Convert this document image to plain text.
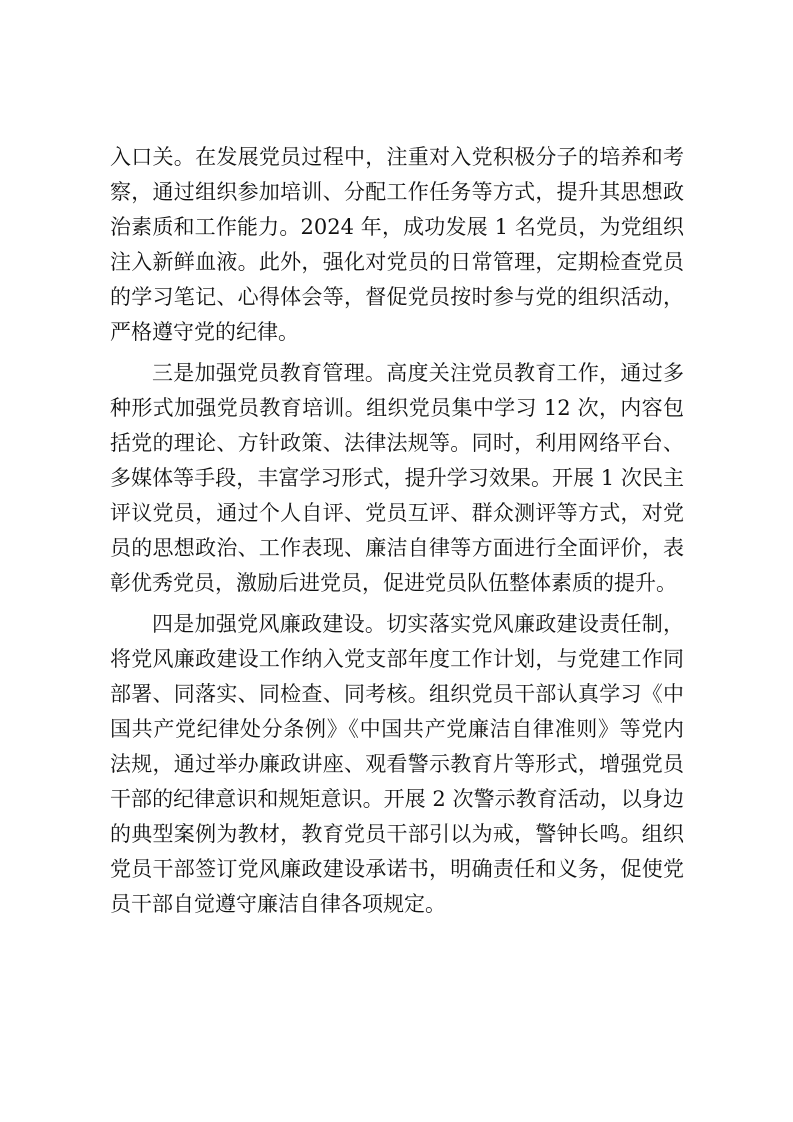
入口关。在发展党员过程中，注重对入党积极分子的培养和考察，通过组织参加培训、分配工作任务等方式，提升其思想政治素质和工作能力。2024 年，成功发展 1 名党员，为党组织注入新鲜血液。此外，强化对党员的日常管理，定期检查党员的学习笔记、心得体会等，督促党员按时参与党的组织活动，严格遵守党的纪律。

三是加强党员教育管理。高度关注党员教育工作，通过多种形式加强党员教育培训。组织党员集中学习 12 次，内容包括党的理论、方针政策、法律法规等。同时，利用网络平台、多媒体等手段，丰富学习形式，提升学习效果。开展 1 次民主评议党员，通过个人自评、党员互评、群众测评等方式，对党员的思想政治、工作表现、廉洁自律等方面进行全面评价，表彰优秀党员，激励后进党员，促进党员队伍整体素质的提升。

四是加强党风廉政建设。切实落实党风廉政建设责任制，将党风廉政建设工作纳入党支部年度工作计划，与党建工作同部署、同落实、同检查、同考核。组织党员干部认真学习《中国共产党纪律处分条例》《中国共产党廉洁自律准则》等党内法规，通过举办廉政讲座、观看警示教育片等形式，增强党员干部的纪律意识和规矩意识。开展 2 次警示教育活动，以身边的典型案例为教材，教育党员干部引以为戒，警钟长鸣。组织党员干部签订党风廉政建设承诺书，明确责任和义务，促使党员干部自觉遵守廉洁自律各项规定。
